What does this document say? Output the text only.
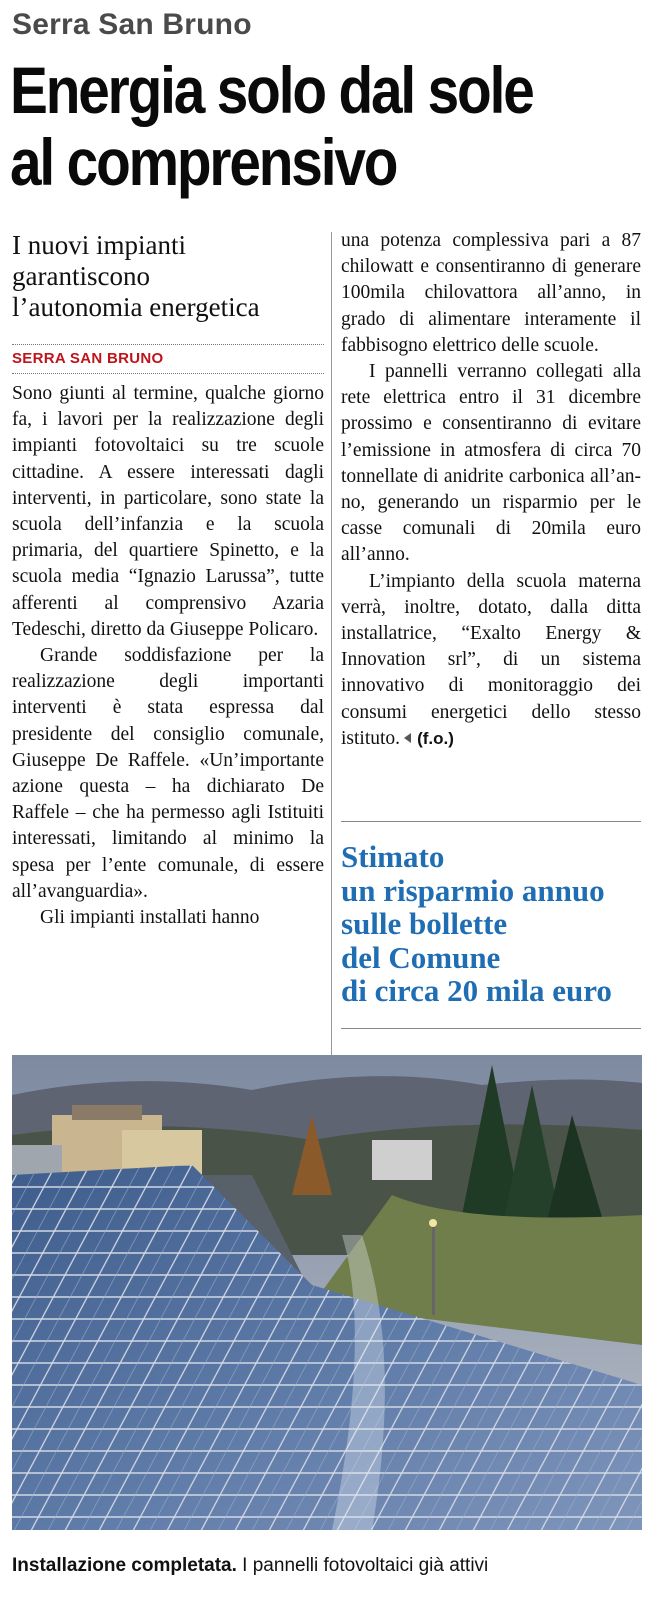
Serra San Bruno
Energia solo dal sole
al comprensivo
I nuovi impianti
garantiscono
l’autonomia energetica
SERRA SAN BRUNO

Sono giunti al termine, qualche giorno fa, i lavori per la realizzazione degli impianti fotovoltaici su tre scuole cittadine. A essere interessati dagli interventi, in particolare, sono state la scuola dell’infanzia e la scuola primaria, del quartiere Spinetto, e la scuola media “Ignazio Larussa”, tutte afferenti al comprensivo Azaria Tedeschi, diretto da Giuseppe Policaro.

Grande soddisfazione per la realizzazione degli importanti interventi è stata espressa dal presidente del consiglio comunale, Giuseppe De Raffele. «Un’importante azione questa – ha dichiarato De Raffele – che ha permesso agli Istituiti interessati, limitando al minimo la spesa per l’ente comunale, di essere all’avanguardia».

Gli impianti installati hanno

una potenza complessiva pari a 87 chilowatt e consentiranno di generare 100mila chilovattora all’anno, in grado di alimentare interamente il fabbisogno elettrico delle scuole.

I pannelli verranno collegati alla rete elettrica entro il 31 dicembre prossimo e consentiranno di evitare l’emissione in atmosfera di circa 70 tonnellate di anidrite carbonica all’anno, generando un risparmio per le casse comunali di 20mila euro all’anno.

L’impianto della scuola materna verrà, inoltre, dotato, dalla ditta installatrice, “Exalto Energy & Innovation srl”, di un sistema innovativo di monitoraggio dei consumi energetici dello stesso istituto. (f.o.)

Stimato
un risparmio annuo
sulle bollette
del Comune
di circa 20 mila euro
Installazione completata. I pannelli fotovoltaici già attivi
